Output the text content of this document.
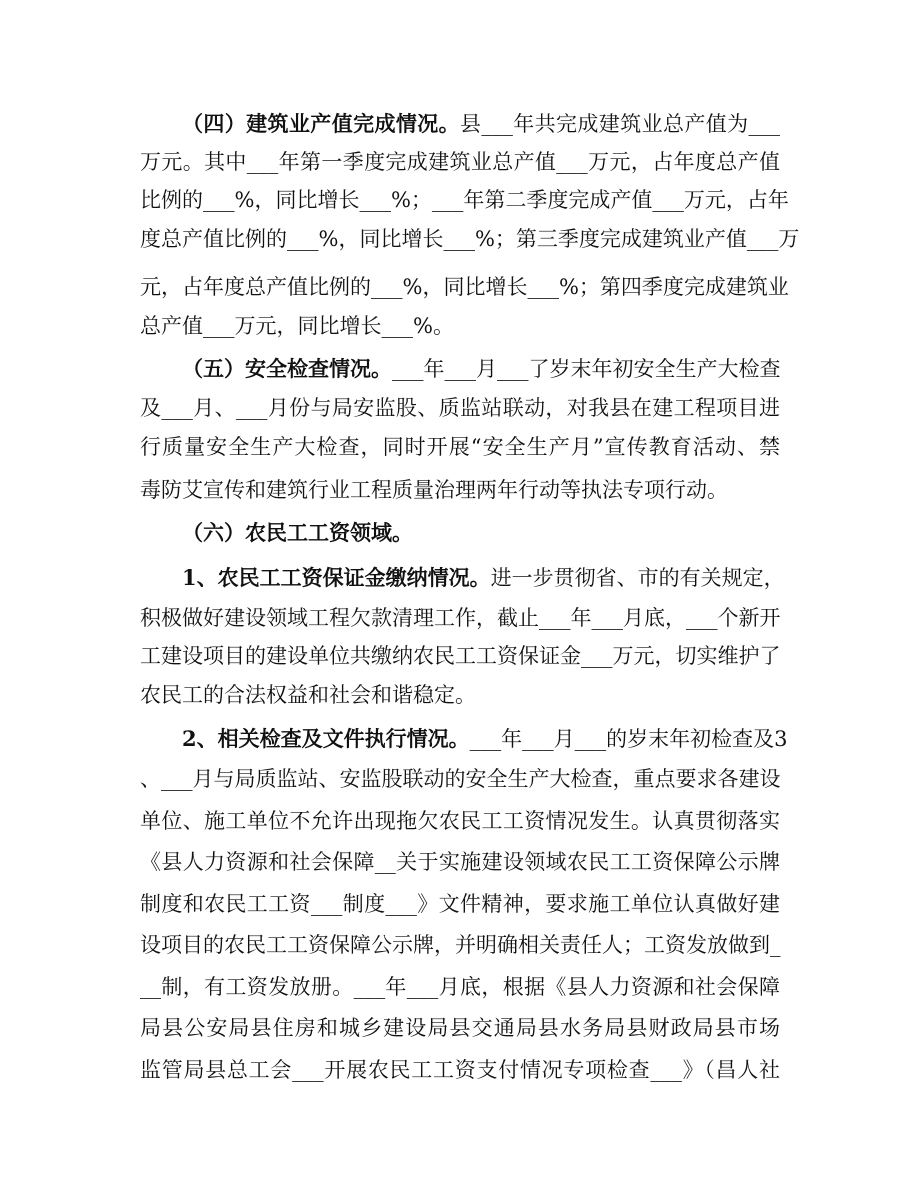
（四）建筑业产值完成情况。县___年共完成建筑业总产值为___
万元。其中___年第一季度完成建筑业总产值___万元，占年度总产值
比例的___%，同比增长___%；___年第二季度完成产值___万元，占年
度总产值比例的___%，同比增长___%；第三季度完成建筑业产值___万
元，占年度总产值比例的___%，同比增长___%；第四季度完成建筑业
总产值___万元，同比增长___%。
（五）安全检查情况。___年___月___了岁末年初安全生产大检查
及___月、___月份与局安监股、质监站联动，对我县在建工程项目进
行质量安全生产大检查，同时开展“安全生产月”宣传教育活动、禁
毒防艾宣传和建筑行业工程质量治理两年行动等执法专项行动。
（六）农民工工资领域。
1、农民工工资保证金缴纳情况。进一步贯彻省、市的有关规定，
积极做好建设领域工程欠款清理工作，截止___年___月底，___个新开
工建设项目的建设单位共缴纳农民工工资保证金___万元，切实维护了
农民工的合法权益和社会和谐稳定。
2、相关检查及文件执行情况。___年___月___的岁末年初检查及3
、___月与局质监站、安监股联动的安全生产大检查，重点要求各建设
单位、施工单位不允许出现拖欠农民工工资情况发生。认真贯彻落实
《县人力资源和社会保障__关于实施建设领域农民工工资保障公示牌
制度和农民工工资___制度___》文件精神，要求施工单位认真做好建
设项目的农民工工资保障公示牌，并明确相关责任人；工资发放做到_
__制，有工资发放册。___年___月底，根据《县人力资源和社会保障
局县公安局县住房和城乡建设局县交通局县水务局县财政局县市场
监管局县总工会___开展农民工工资支付情况专项检查___》（昌人社
